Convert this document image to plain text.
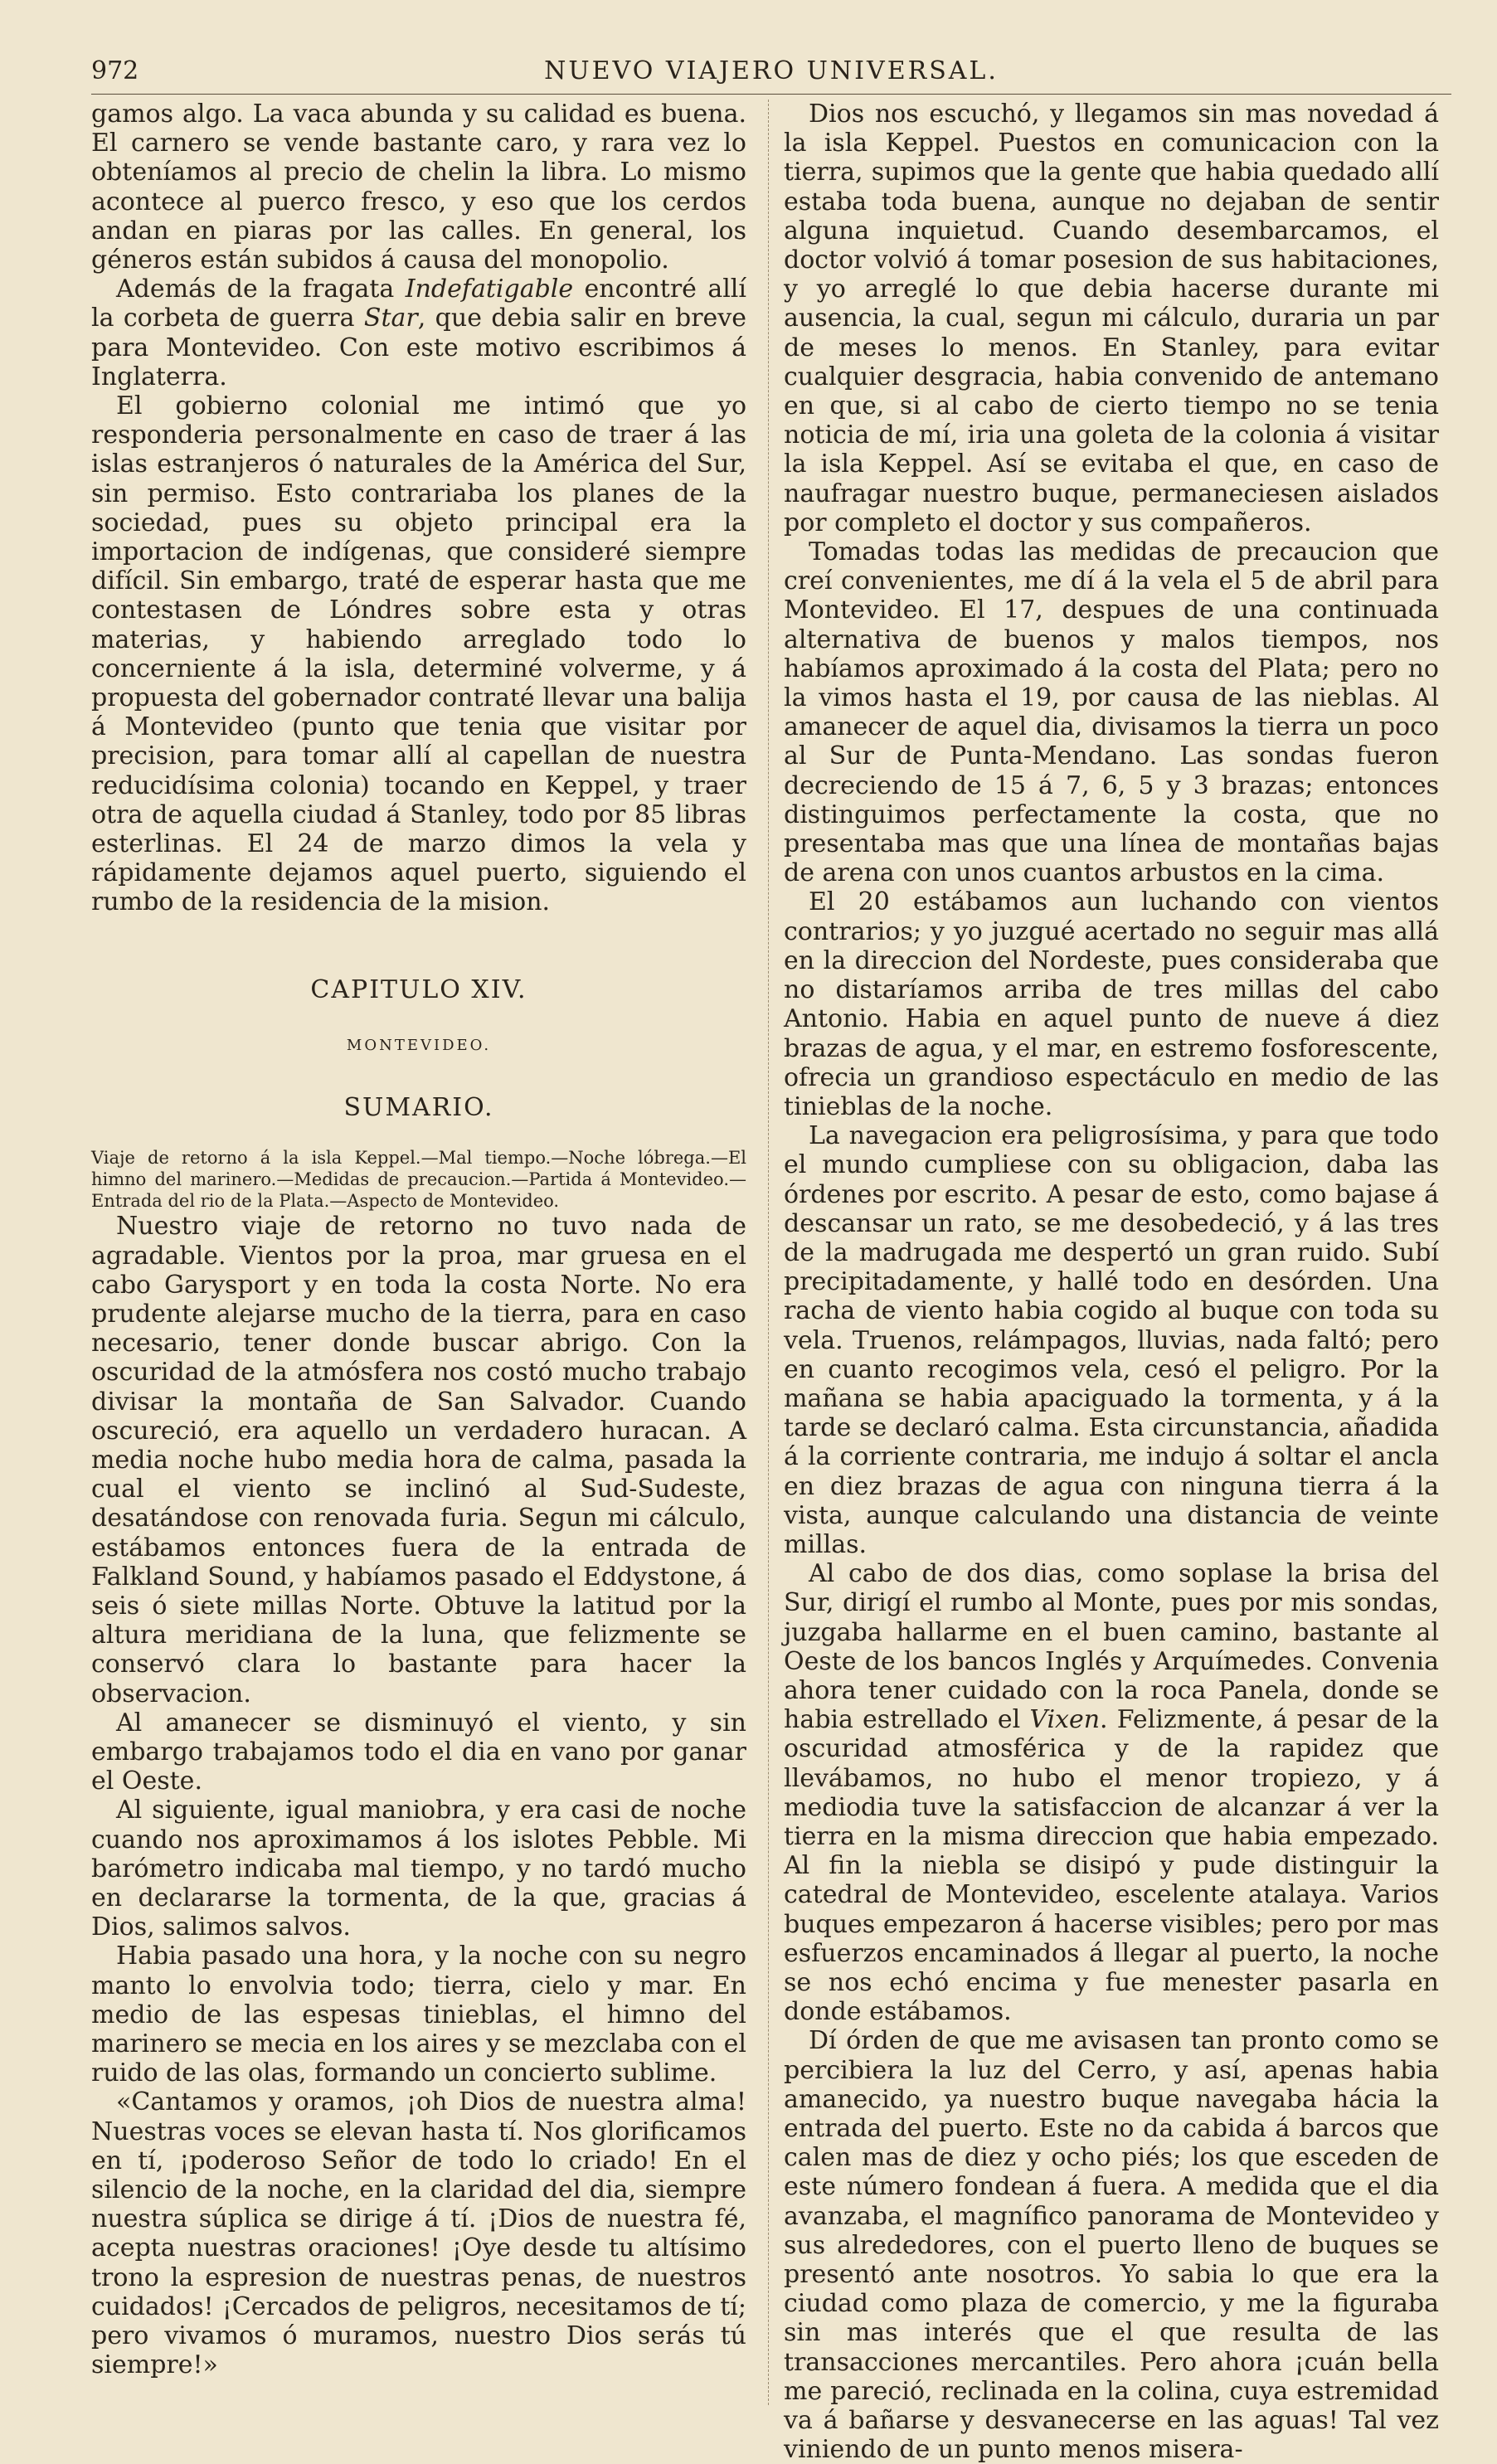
972	NUEVO VIAJERO UNIVERSAL.

gamos algo. La vaca abunda y su calidad es buena. El carnero se vende bastante caro, y rara vez lo obteníamos al precio de chelin la libra. Lo mismo acontece al puerco fresco, y eso que los cerdos andan en piaras por las calles. En general, los géneros están subidos á causa del monopolio.

Además de la fragata Indefatigable encontré allí la corbeta de guerra Star, que debia salir en breve para Montevideo. Con este motivo escribimos á Inglaterra.

El gobierno colonial me intimó que yo responderia personalmente en caso de traer á las islas estranjeros ó naturales de la América del Sur, sin permiso. Esto contrariaba los planes de la sociedad, pues su objeto principal era la importacion de indígenas, que consideré siempre difícil. Sin embargo, traté de esperar hasta que me contestasen de Lóndres sobre esta y otras materias, y habiendo arreglado todo lo concerniente á la isla, determiné volverme, y á propuesta del gobernador contraté llevar una balija á Montevideo (punto que tenia que visitar por precision, para tomar allí al capellan de nuestra reducidísima colonia) tocando en Keppel, y traer otra de aquella ciudad á Stanley, todo por 85 libras esterlinas. El 24 de marzo dimos la vela y rápidamente dejamos aquel puerto, siguiendo el rumbo de la residencia de la mision.

CAPITULO XIV.
MONTEVIDEO.
SUMARIO.

Viaje de retorno á la isla Keppel.—Mal tiempo.—Noche lóbrega.—El himno del marinero.—Medidas de precaucion.—Partida á Montevideo.—Entrada del rio de la Plata.—Aspecto de Montevideo.

Nuestro viaje de retorno no tuvo nada de agradable. Vientos por la proa, mar gruesa en el cabo Garysport y en toda la costa Norte. No era prudente alejarse mucho de la tierra, para en caso necesario, tener donde buscar abrigo. Con la oscuridad de la atmósfera nos costó mucho trabajo divisar la montaña de San Salvador. Cuando oscureció, era aquello un verdadero huracan. A media noche hubo media hora de calma, pasada la cual el viento se inclinó al Sud-Sudeste, desatándose con renovada furia. Segun mi cálculo, estábamos entonces fuera de la entrada de Falkland Sound, y habíamos pasado el Eddystone, á seis ó siete millas Norte. Obtuve la latitud por la altura meridiana de la luna, que felizmente se conservó clara lo bastante para hacer la observacion.

Al amanecer se disminuyó el viento, y sin embargo trabajamos todo el dia en vano por ganar el Oeste.

Al siguiente, igual maniobra, y era casi de noche cuando nos aproximamos á los islotes Pebble. Mi barómetro indicaba mal tiempo, y no tardó mucho en declararse la tormenta, de la que, gracias á Dios, salimos salvos.

Habia pasado una hora, y la noche con su negro manto lo envolvia todo; tierra, cielo y mar. En medio de las espesas tinieblas, el himno del marinero se mecia en los aires y se mezclaba con el ruido de las olas, formando un concierto sublime.

«Cantamos y oramos, ¡oh Dios de nuestra alma! Nuestras voces se elevan hasta tí. Nos glorificamos en tí, ¡poderoso Señor de todo lo criado! En el silencio de la noche, en la claridad del dia, siempre nuestra súplica se dirige á tí. ¡Dios de nuestra fé, acepta nuestras oraciones! ¡Oye desde tu altísimo trono la espresion de nuestras penas, de nuestros cuidados! ¡Cercados de peligros, necesitamos de tí; pero vivamos ó muramos, nuestro Dios serás tú siempre!»

Dios nos escuchó, y llegamos sin mas novedad á la isla Keppel. Puestos en comunicacion con la tierra, supimos que la gente que habia quedado allí estaba toda buena, aunque no dejaban de sentir alguna inquietud. Cuando desembarcamos, el doctor volvió á tomar posesion de sus habitaciones, y yo arreglé lo que debia hacerse durante mi ausencia, la cual, segun mi cálculo, duraria un par de meses lo menos. En Stanley, para evitar cualquier desgracia, habia convenido de antemano en que, si al cabo de cierto tiempo no se tenia noticia de mí, iria una goleta de la colonia á visitar la isla Keppel. Así se evitaba el que, en caso de naufragar nuestro buque, permaneciesen aislados por completo el doctor y sus compañeros.

Tomadas todas las medidas de precaucion que creí convenientes, me dí á la vela el 5 de abril para Montevideo. El 17, despues de una continuada alternativa de buenos y malos tiempos, nos habíamos aproximado á la costa del Plata; pero no la vimos hasta el 19, por causa de las nieblas. Al amanecer de aquel dia, divisamos la tierra un poco al Sur de Punta-Mendano. Las sondas fueron decreciendo de 15 á 7, 6, 5 y 3 brazas; entonces distinguimos perfectamente la costa, que no presentaba mas que una línea de montañas bajas de arena con unos cuantos arbustos en la cima.

El 20 estábamos aun luchando con vientos contrarios; y yo juzgué acertado no seguir mas allá en la direccion del Nordeste, pues consideraba que no distaríamos arriba de tres millas del cabo Antonio. Habia en aquel punto de nueve á diez brazas de agua, y el mar, en estremo fosforescente, ofrecia un grandioso espectáculo en medio de las tinieblas de la noche.

La navegacion era peligrosísima, y para que todo el mundo cumpliese con su obligacion, daba las órdenes por escrito. A pesar de esto, como bajase á descansar un rato, se me desobedeció, y á las tres de la madrugada me despertó un gran ruido. Subí precipitadamente, y hallé todo en desórden. Una racha de viento habia cogido al buque con toda su vela. Truenos, relámpagos, lluvias, nada faltó; pero en cuanto recogimos vela, cesó el peligro. Por la mañana se habia apaciguado la tormenta, y á la tarde se declaró calma. Esta circunstancia, añadida á la corriente contraria, me indujo á soltar el ancla en diez brazas de agua con ninguna tierra á la vista, aunque calculando una distancia de veinte millas.

Al cabo de dos dias, como soplase la brisa del Sur, dirigí el rumbo al Monte, pues por mis sondas, juzgaba hallarme en el buen camino, bastante al Oeste de los bancos Inglés y Arquímedes. Convenia ahora tener cuidado con la roca Panela, donde se habia estrellado el Vixen. Felizmente, á pesar de la oscuridad atmosférica y de la rapidez que llevábamos, no hubo el menor tropiezo, y á mediodia tuve la satisfaccion de alcanzar á ver la tierra en la misma direccion que habia empezado. Al fin la niebla se disipó y pude distinguir la catedral de Montevideo, escelente atalaya. Varios buques empezaron á hacerse visibles; pero por mas esfuerzos encaminados á llegar al puerto, la noche se nos echó encima y fue menester pasarla en donde estábamos.

Dí órden de que me avisasen tan pronto como se percibiera la luz del Cerro, y así, apenas habia amanecido, ya nuestro buque navegaba hácia la entrada del puerto. Este no da cabida á barcos que calen mas de diez y ocho piés; los que esceden de este número fondean á fuera. A medida que el dia avanzaba, el magnífico panorama de Montevideo y sus alrededores, con el puerto lleno de buques se presentó ante nosotros. Yo sabia lo que era la ciudad como plaza de comercio, y me la figuraba sin mas interés que el que resulta de las transacciones mercantiles. Pero ahora ¡cuán bella me pareció, reclinada en la colina, cuya estremidad va á bañarse y desvanecerse en las aguas! Tal vez viniendo de un punto menos misera-
